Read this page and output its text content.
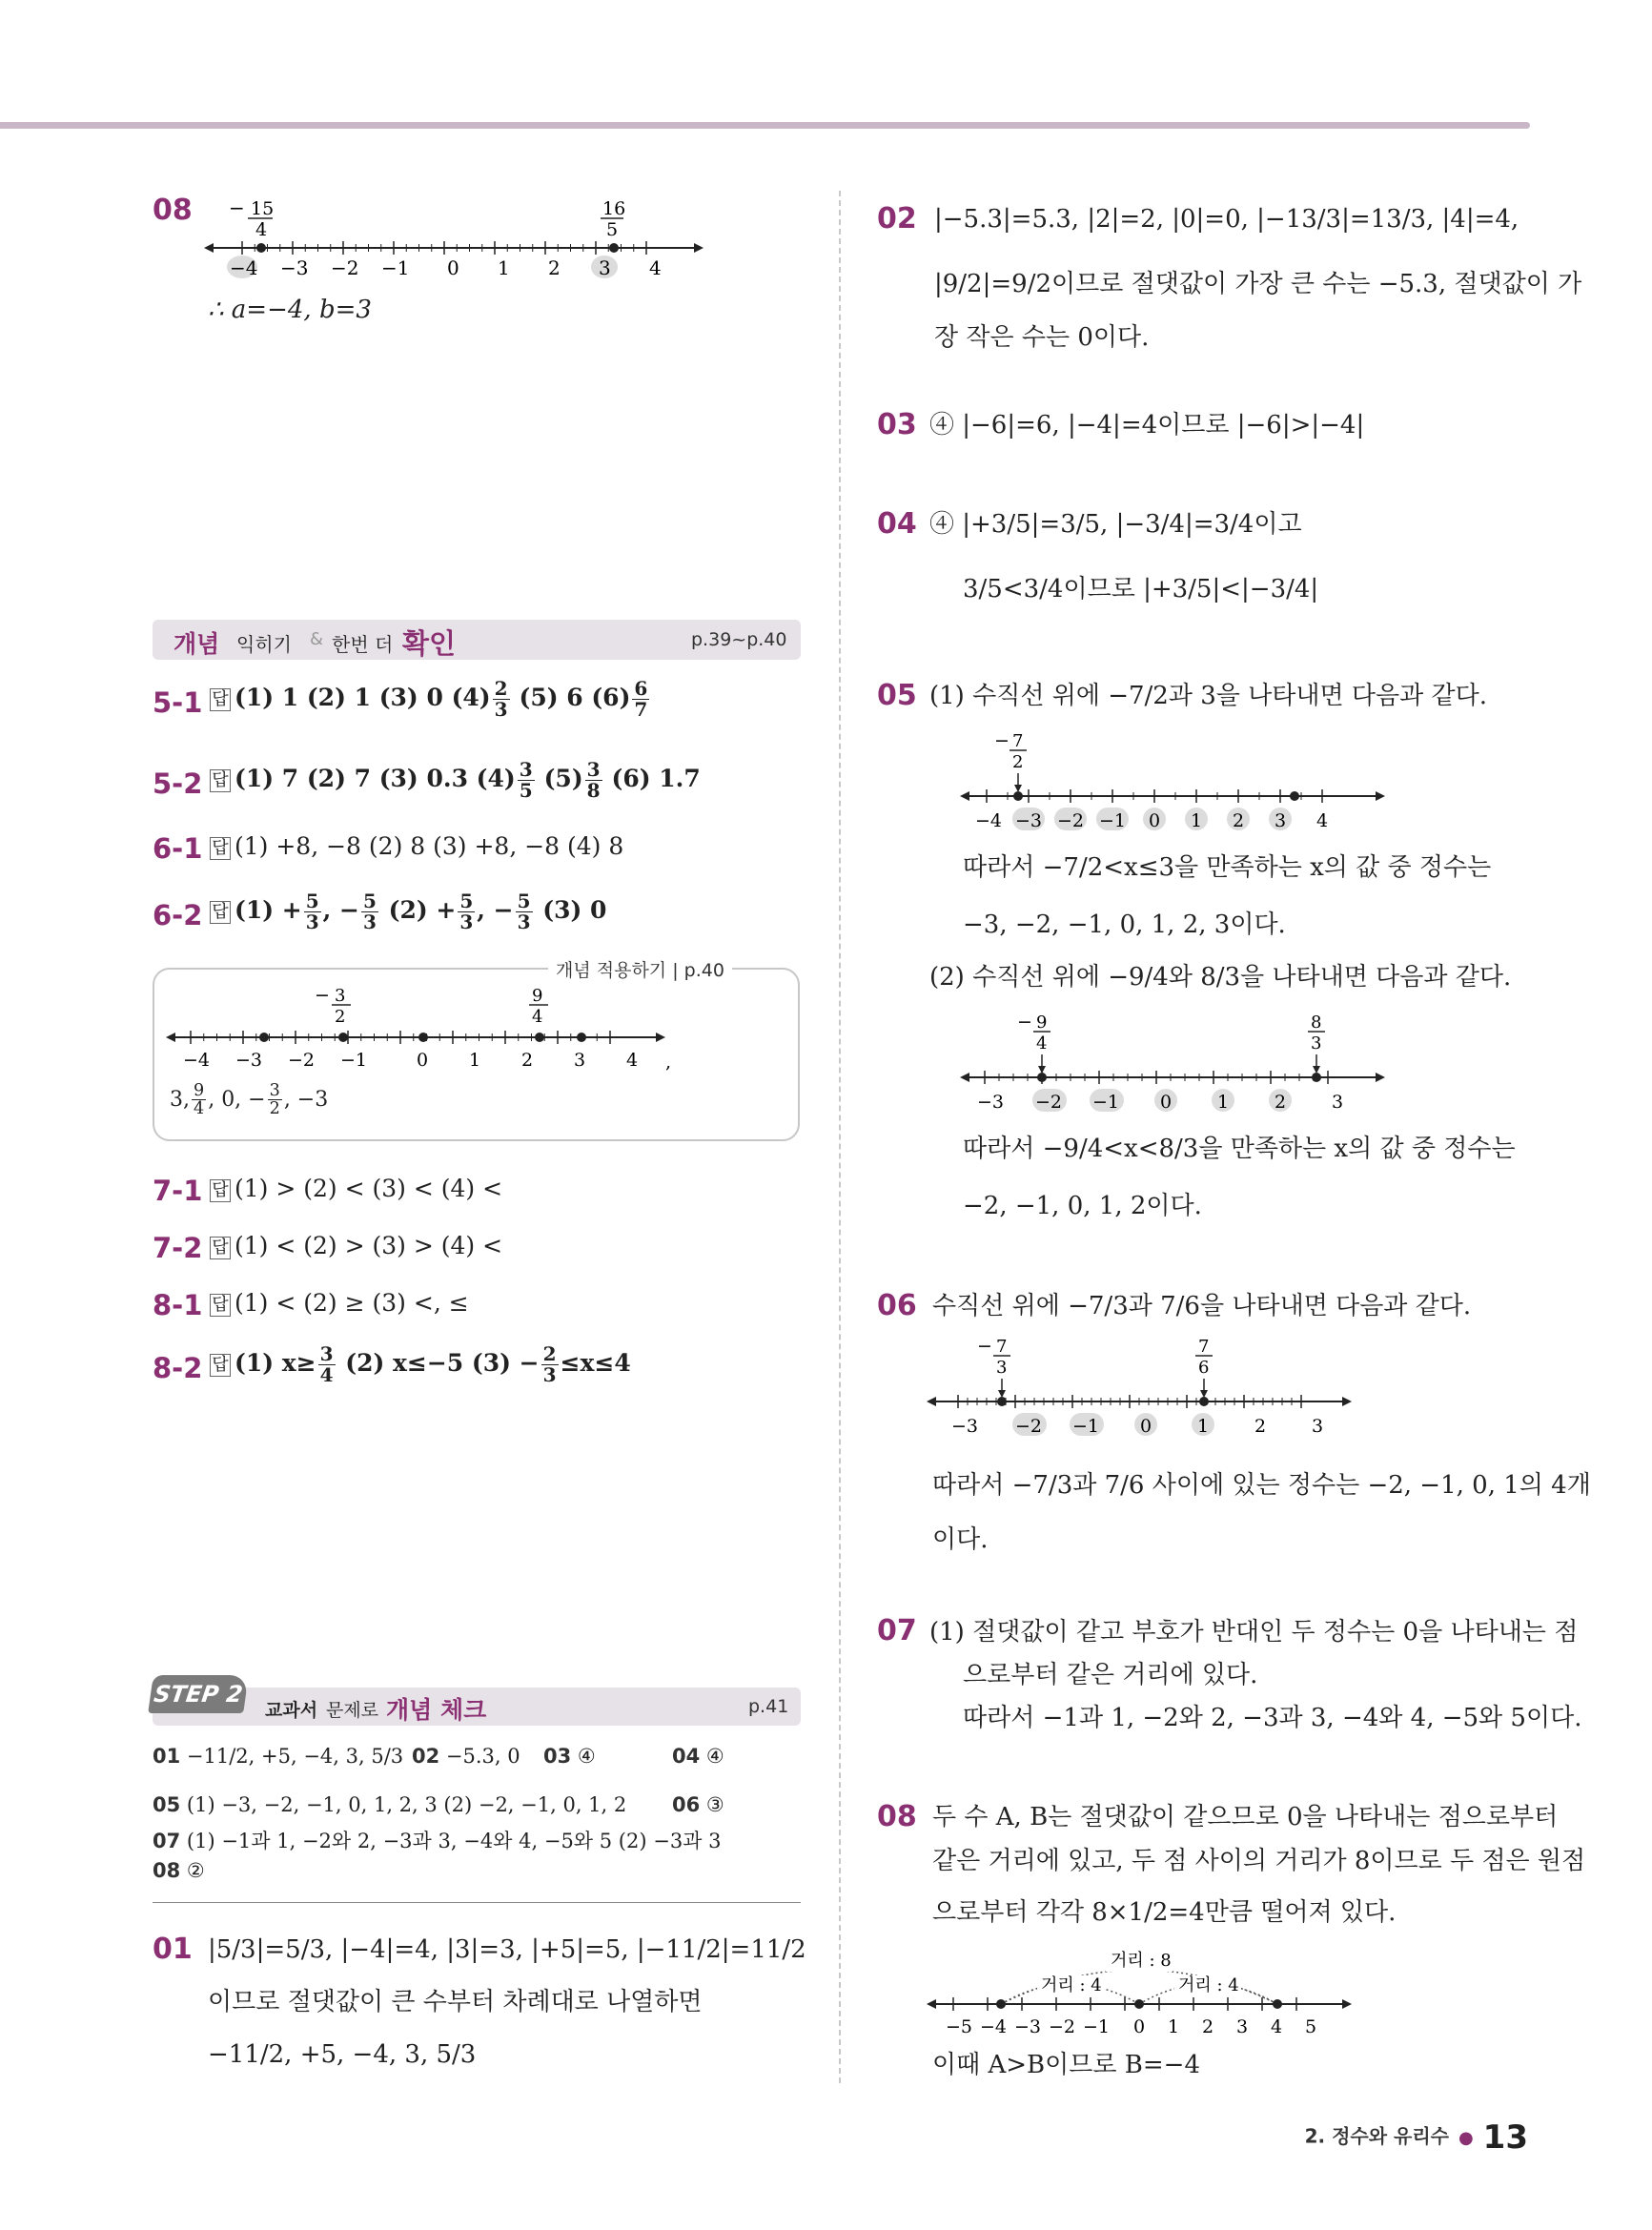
08 − 15
4
16
5
−4 −3 −2 −1 0 1 2 3 4
∴ a=−4, b=3
개념 익히기 & 한번 더 확인	p.39~p.40
5-1 답 (1) 1 (2) 1 (3) 0 $(4) \frac{2}{3} (5)$ 6 $(6) \frac{6}{7}$
5-2 답 (1) 7 (2) 7 (3) 0.3 $(4) \frac{3}{5} (5) \frac{3}{8} (6)$ 1.7
6-1 답 (1) +8, −8 (2) 8 (3) +8, −8 (4) 8
6-2 답 $(1) + \frac{5}{3}$ , − $\frac{5}{3} (2) + \frac{5}{3}$ , − $\frac{5}{3} (3)$ 0
개념 적용하기 | p.40
− 3
2
9
4
−4 −3 −2 −1	0 1 2 3 4 ,
3, $\frac{9}{4}$ , 0, − $\frac{3}{2}$ , −3
7-1 답 (1) > (2) < (3) < (4) <
7-2 답 (1) < (2) > (3) > (4) <
8-1 답 (1) < (2) ≥ (3) <, ≤
8-2 답 (1) $x\ge \frac{3}{4} (2)$ x≤−5 $(3) - \frac{2}{3} \le x\le 4$
교과서 문제로 개념 체크	p.41
STEP 2
01 −11/2, +5, −4, 3, 5/3 02 −5.3, 0 03 ④	04 ④
05 (1) −3, −2, −1, 0, 1, 2, 3 (2) −2, −1, 0, 1, 2 06 ③
07 (1) −1과 1, −2와 2, −3과 3, −4와 4, −5와 5 (2) −3과 3
08 ②
01 |5/3|=5/3, |−4|=4, |3|=3, |+5|=5, |−11/2|=11/2
이므로 절댓값이 큰 수부터 차례대로 나열하면
−11/2, +5, −4, 3, 5/3
02 |−5.3|=5.3, |2|=2, |0|=0, |−13/3|=13/3, |4|=4,
|9/2|=9/2이므로 절댓값이 가장 큰 수는 −5.3, 절댓값이 가
장 작은 수는 0이다.
03 ④ |−6|=6, |−4|=4이므로 |−6|>|−4|
04 ④ |+3/5|=3/5, |−3/4|=3/4이고
3/5<3/4이므로 |+3/5|<|−3/4|
05 (1) 수직선 위에 −7/2과 3을 나타내면 다음과 같다.
− 7
2
−4 −3 −2 −1 0 1 2 3 4
따라서 −7/2<x≤3을 만족하는 x의 값 중 정수는
−3, −2, −1, 0, 1, 2, 3이다.
(2) 수직선 위에 −9/4와 8/3을 나타내면 다음과 같다.
− 9
4
8
3
−3 −2 −1 0	1	2	3
따라서 −9/4<x<8/3을 만족하는 x의 값 중 정수는
−2, −1, 0, 1, 2이다.
06 수직선 위에 −7/3과 7/6을 나타내면 다음과 같다.
− 7
3
7
6
−3 −2 −1 0	1	2	3
따라서 −7/3과 7/6 사이에 있는 정수는 −2, −1, 0, 1의 4개
이다.
07 (1) 절댓값이 같고 부호가 반대인 두 정수는 0을 나타내는 점
으로부터 같은 거리에 있다.
따라서 −1과 1, −2와 2, −3과 3, −4와 4, −5와 5이다.
08 두 수 A, B는 절댓값이 같으므로 0을 나타내는 점으로부터
같은 거리에 있고, 두 점 사이의 거리가 8이므로 두 점은 원점
으로부터 각각 8×1/2=4만큼 떨어져 있다.
거리 : 8
거리 : 4	거리 : 4
−5 −4 −3 −2 −1 0 1 2 3 4 5
이때 A>B이므로 B=−4
2. 정수와 유리수 ● 13
